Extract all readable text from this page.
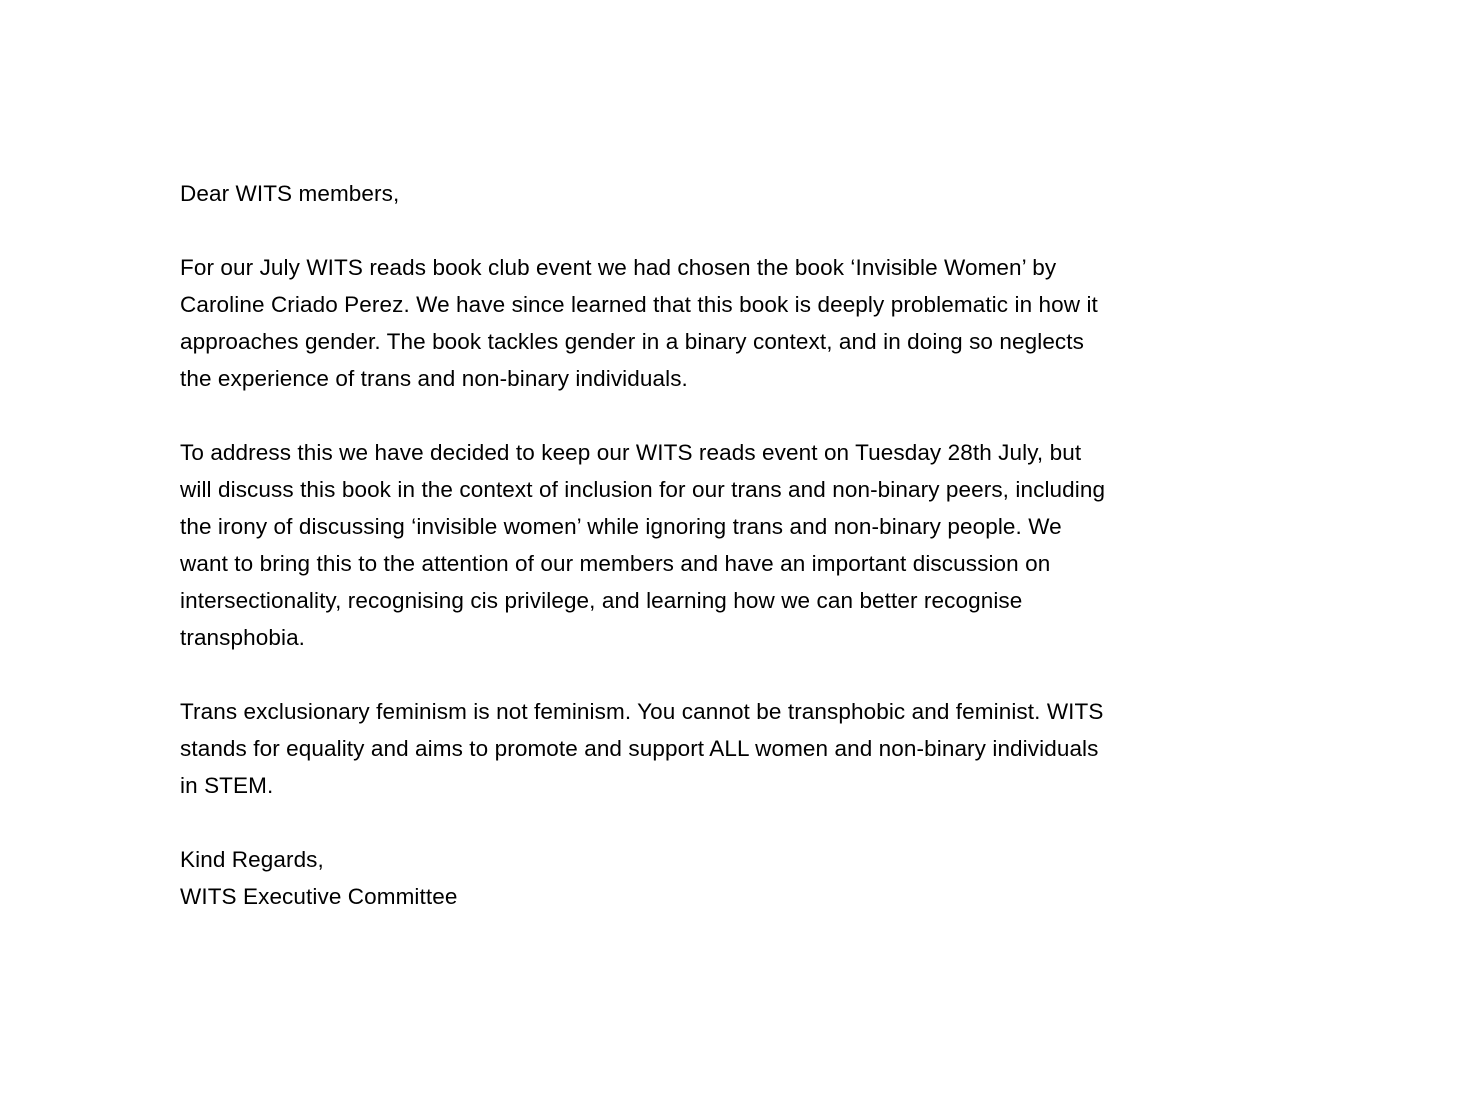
Dear WITS members,
For our July WITS reads book club event we had chosen the book ‘Invisible Women’ by
Caroline Criado Perez. We have since learned that this book is deeply problematic in how it
approaches gender. The book tackles gender in a binary context, and in doing so neglects
the experience of trans and non-binary individuals.
To address this we have decided to keep our WITS reads event on Tuesday 28th July, but
will discuss this book in the context of inclusion for our trans and non-binary peers, including
the irony of discussing ‘invisible women’ while ignoring trans and non-binary people. We
want to bring this to the attention of our members and have an important discussion on
intersectionality, recognising cis privilege, and learning how we can better recognise
transphobia.
Trans exclusionary feminism is not feminism. You cannot be transphobic and feminist. WITS
stands for equality and aims to promote and support ALL women and non-binary individuals
in STEM.
Kind Regards,
WITS Executive Committee
